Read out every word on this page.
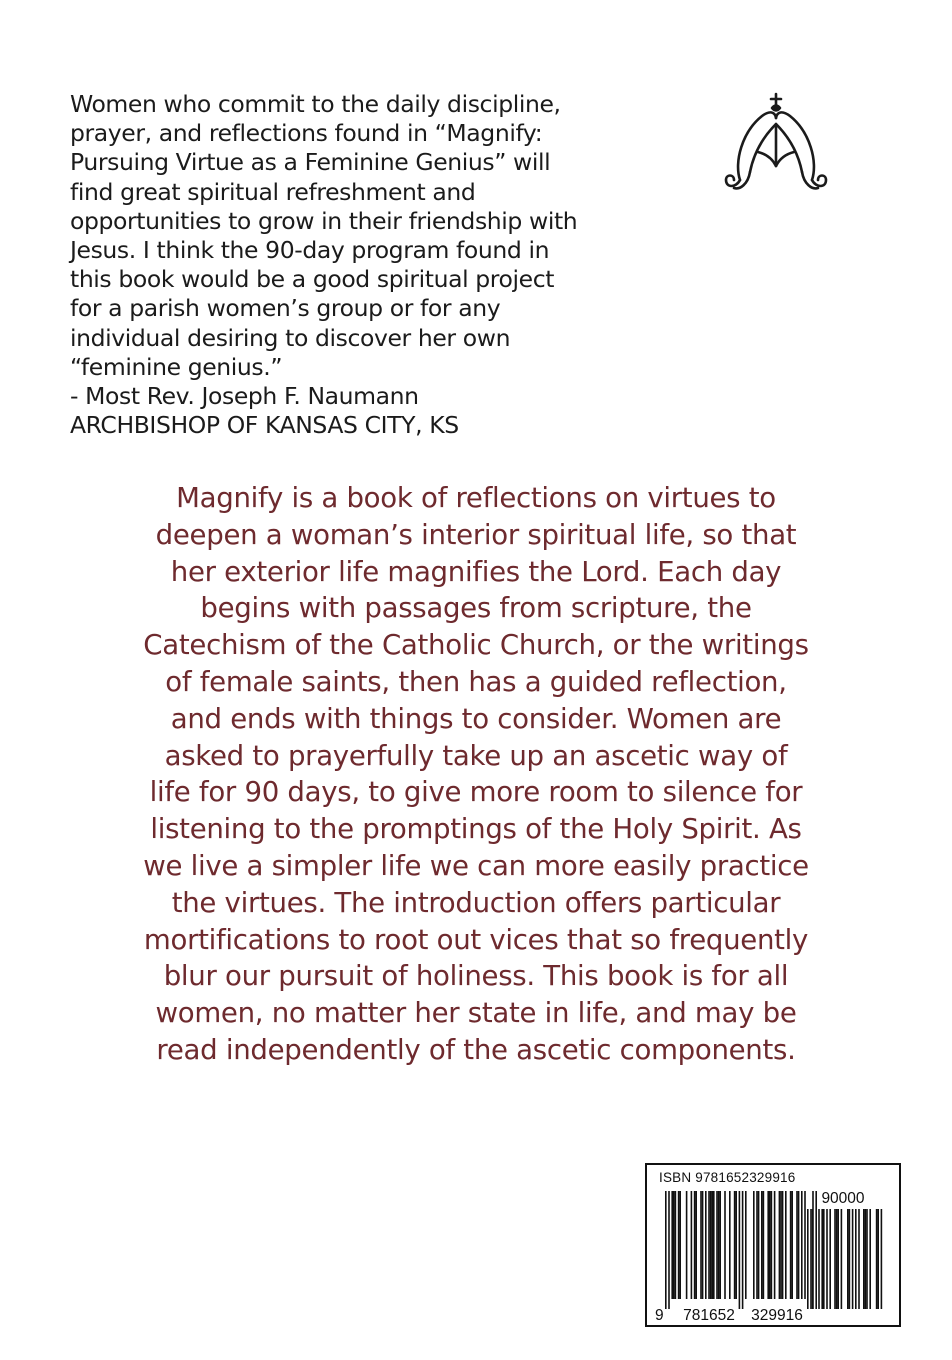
Women who commit to the daily discipline,
prayer, and reflections found in “Magnify:
Pursuing Virtue as a Feminine Genius” will
find great spiritual refreshment and
opportunities to grow in their friendship with
Jesus. I think the 90-day program found in
this book would be a good spiritual project
for a parish women’s group or for any
individual desiring to discover her own
“feminine genius.”
- Most Rev. Joseph F. Naumann
ARCHBISHOP OF KANSAS CITY, KS
Magnify is a book of reflections on virtues to
deepen a woman’s interior spiritual life, so that
her exterior life magnifies the Lord. Each day
begins with passages from scripture, the
Catechism of the Catholic Church, or the writings
of female saints, then has a guided reflection,
and ends with things to consider. Women are
asked to prayerfully take up an ascetic way of
life for 90 days, to give more room to silence for
listening to the promptings of the Holy Spirit. As
we live a simpler life we can more easily practice
the virtues. The introduction offers particular
mortifications to root out vices that so frequently
blur our pursuit of holiness. This book is for all
women, no matter her state in life, and may be
read independently of the ascetic components.
ISBN 9781652329916
90000
9 781652 329916
